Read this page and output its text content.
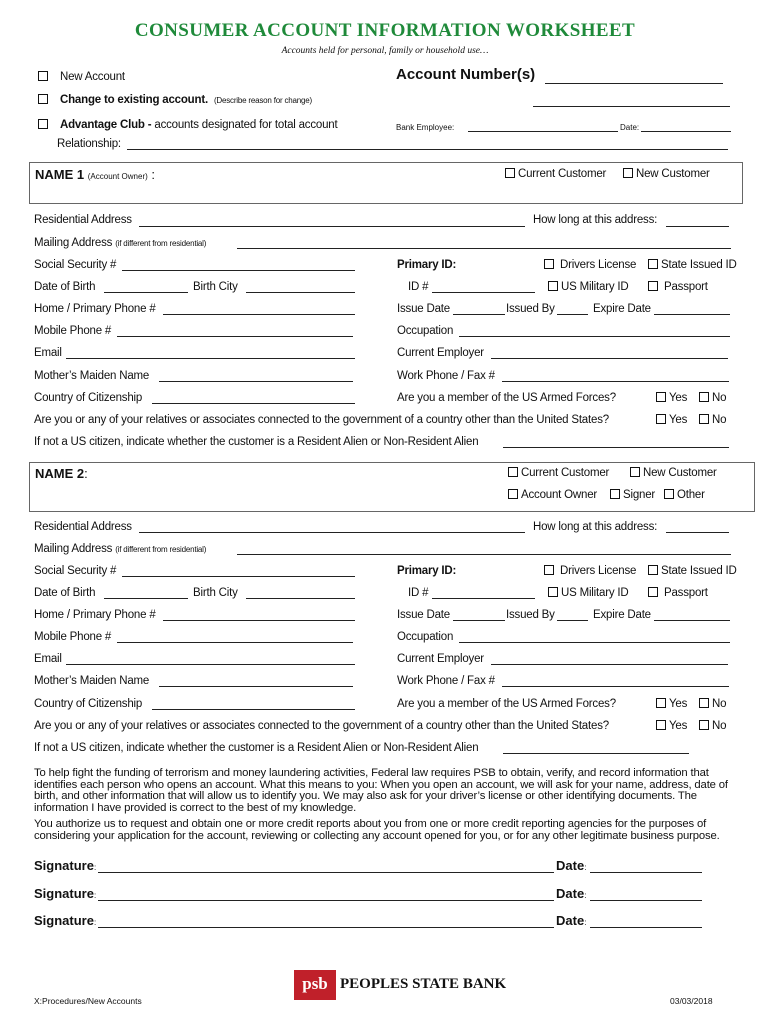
CONSUMER ACCOUNT INFORMATION WORKSHEET
Accounts held for personal, family or household use…
New Account	Account Number(s)
Change to existing account. (Describe reason for change)
Advantage Club - accounts designated for total account	Bank Employee:	Date:
Relationship:
NAME 1 (Account Owner) :	Current Customer	New Customer
Residential Address	How long at this address:
Mailing Address (if different from residential)
Social Security #	Primary ID:	Drivers License	State Issued ID
Date of Birth	Birth City	ID #	US Military ID	Passport
Home / Primary Phone #	Issue Date	Issued By	Expire Date
Mobile Phone #	Occupation
Email	Current Employer
Mother’s Maiden Name	Work Phone / Fax #
Country of Citizenship	Are you a member of the US Armed Forces?	Yes	No
Are you or any of your relatives or associates connected to the government of a country other than the United States?	Yes	No
If not a US citizen, indicate whether the customer is a Resident Alien or Non-Resident Alien
NAME 2:	Current Customer	New Customer
Account Owner	Signer	Other
Residential Address	How long at this address:
Mailing Address (if different from residential)
Social Security #	Primary ID:	Drivers License	State Issued ID
Date of Birth	Birth City	ID #	US Military ID	Passport
Home / Primary Phone #	Issue Date	Issued By	Expire Date
Mobile Phone #	Occupation
Email	Current Employer
Mother’s Maiden Name	Work Phone / Fax #
Country of Citizenship	Are you a member of the US Armed Forces?	Yes	No
Are you or any of your relatives or associates connected to the government of a country other than the United States?	Yes	No
If not a US citizen, indicate whether the customer is a Resident Alien or Non-Resident Alien
To help fight the funding of terrorism and money laundering activities, Federal law requires PSB to obtain, verify, and record information that identifies each person who opens an account. What this means to you: When you open an account, we will ask for your name, address, date of birth, and other information that will allow us to identify you. We may also ask for your driver’s license or other identifying documents. The information I have provided is correct to the best of my knowledge.
You authorize us to request and obtain one or more credit reports about you from one or more credit reporting agencies for the purposes of considering your application for the account, reviewing or collecting any account opened for you, or for any other legitimate business purpose.
Signature:	Date:
Signature:	Date:
Signature:	Date:
psb PEOPLES STATE BANK
X:Procedures/New Accounts	03/03/2018
